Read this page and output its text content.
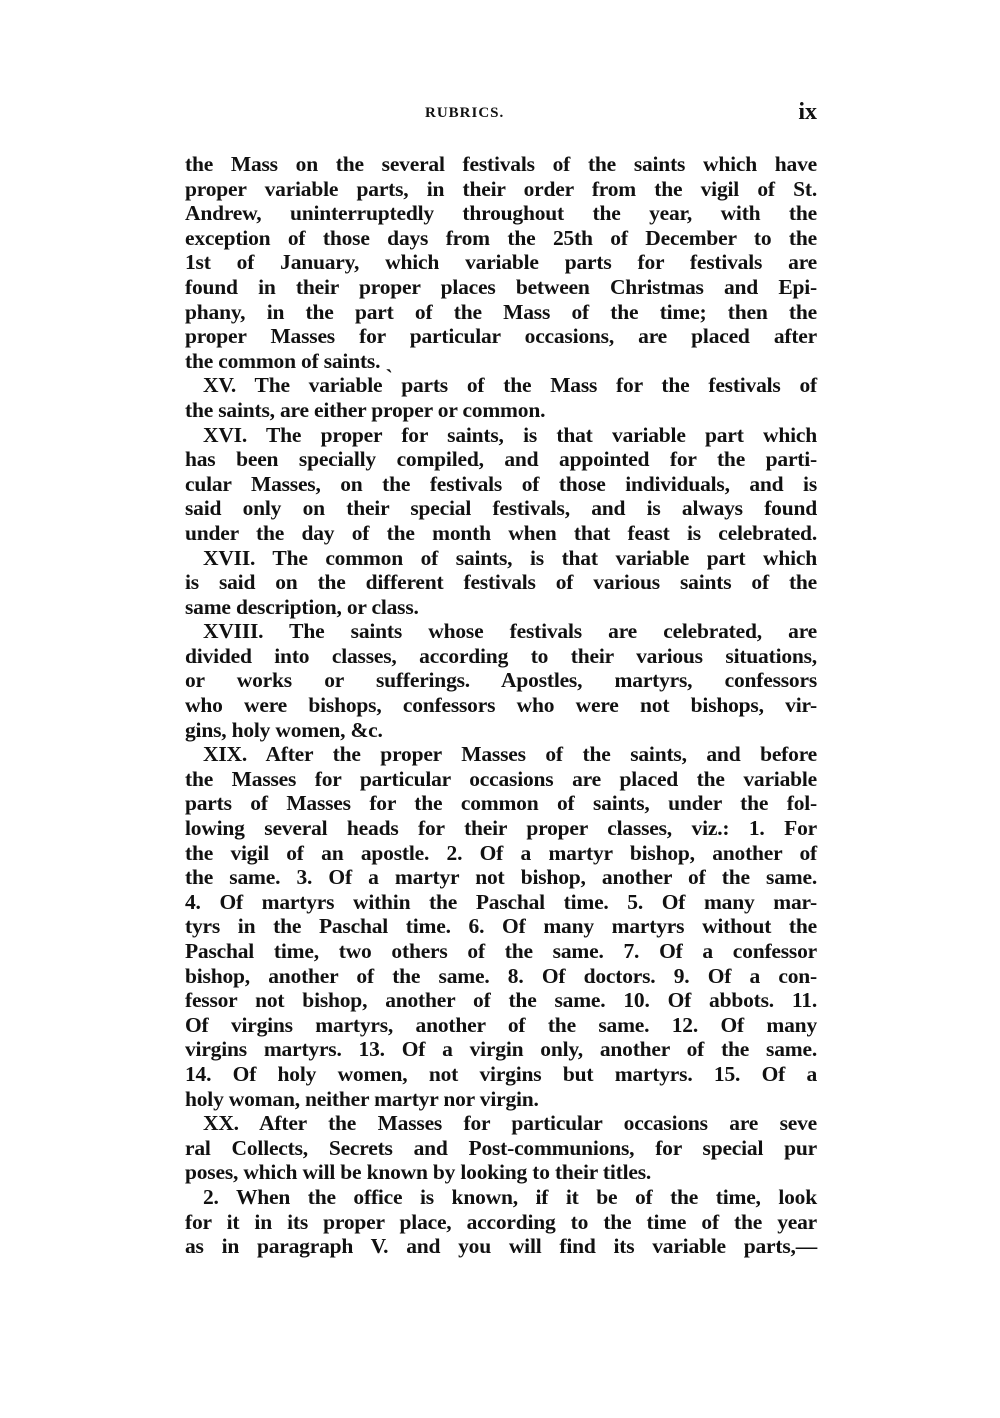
RUBRICS.	ix
the Mass on the several festivals of the saints which have
proper variable parts, in their order from the vigil of St.
Andrew, uninterruptedly throughout the year, with the
exception of those days from the 25th of December to the
1st of January, which variable parts for festivals are
found in their proper places between Christmas and Epi-
phany, in the part of the Mass of the time; then the
proper Masses for particular occasions, are placed after
the common of saints. ˎ
XV. The variable parts of the Mass for the festivals of
the saints, are either proper or common.
XVI. The proper for saints, is that variable part which
has been specially compiled, and appointed for the parti-
cular Masses, on the festivals of those individuals, and is
said only on their special festivals, and is always found
under the day of the month when that feast is celebrated.
XVII. The common of saints, is that variable part which
is said on the different festivals of various saints of the
same description, or class.
XVIII. The saints whose festivals are celebrated, are
divided into classes, according to their various situations,
or works or sufferings. Apostles, martyrs, confessors
who were bishops, confessors who were not bishops, vir-
gins, holy women, &c.
XIX. After the proper Masses of the saints, and before
the Masses for particular occasions are placed the variable
parts of Masses for the common of saints, under the fol-
lowing several heads for their proper classes, viz.: 1. For
the vigil of an apostle. 2. Of a martyr bishop, another of
the same. 3. Of a martyr not bishop, another of the same.
4. Of martyrs within the Paschal time. 5. Of many mar-
tyrs in the Paschal time. 6. Of many martyrs without the
Paschal time, two others of the same. 7. Of a confessor
bishop, another of the same. 8. Of doctors. 9. Of a con-
fessor not bishop, another of the same. 10. Of abbots. 11.
Of virgins martyrs, another of the same. 12. Of many
virgins martyrs. 13. Of a virgin only, another of the same.
14. Of holy women, not virgins but martyrs. 15. Of a
holy woman, neither martyr nor virgin.
XX. After the Masses for particular occasions are seve
ral Collects, Secrets and Post-communions, for special pur
poses, which will be known by looking to their titles.
2. When the office is known, if it be of the time, look
for it in its proper place, according to the time of the year
as in paragraph V. and you will find its variable parts,—
